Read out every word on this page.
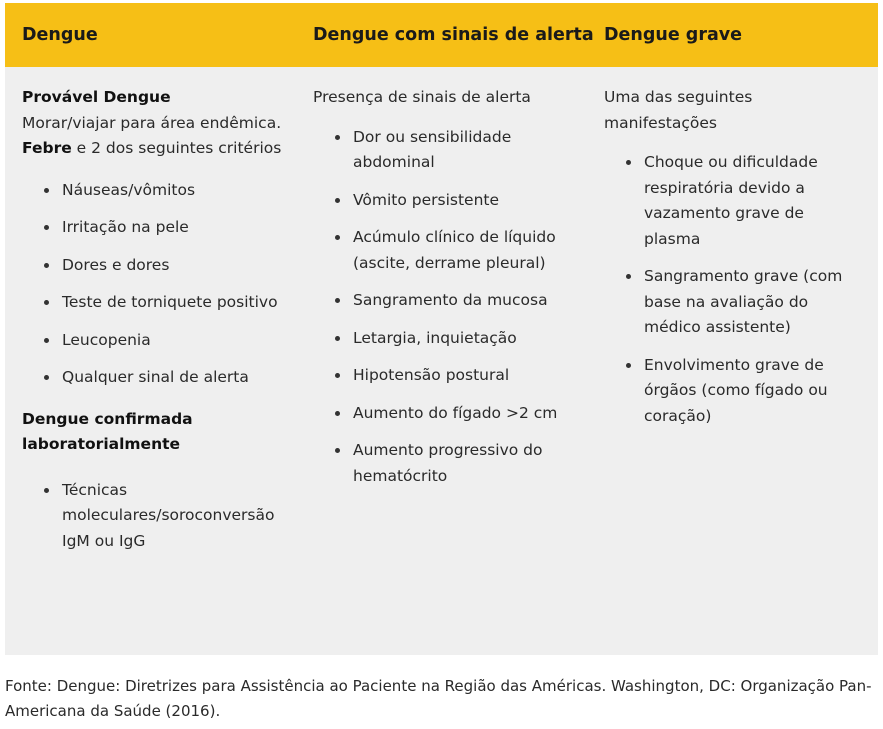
Dengue	Dengue com sinais de alerta Dengue grave
Provável Dengue
Morar/viajar para área endêmica.
Febre e 2 dos seguintes critérios
Náuseas/vômitos
Irritação na pele
Dores e dores
Teste de torniquete positivo
Leucopenia
Qualquer sinal de alerta
Dengue confirmada laboratorialmente
Técnicas moleculares/soroconversão IgM ou IgG
Presença de sinais de alerta
Dor ou sensibilidade abdominal
Vômito persistente
Acúmulo clínico de líquido (ascite, derrame pleural)
Sangramento da mucosa
Letargia, inquietação
Hipotensão postural
Aumento do fígado >2 cm
Aumento progressivo do hematócrito
Uma das seguintes manifestações
Choque ou dificuldade respiratória devido a vazamento grave de plasma
Sangramento grave (com base na avaliação do médico assistente)
Envolvimento grave de órgãos (como fígado ou coração)
Fonte: Dengue: Diretrizes para Assistência ao Paciente na Região das Américas. Washington, DC: Organização Pan-Americana da Saúde (2016).
